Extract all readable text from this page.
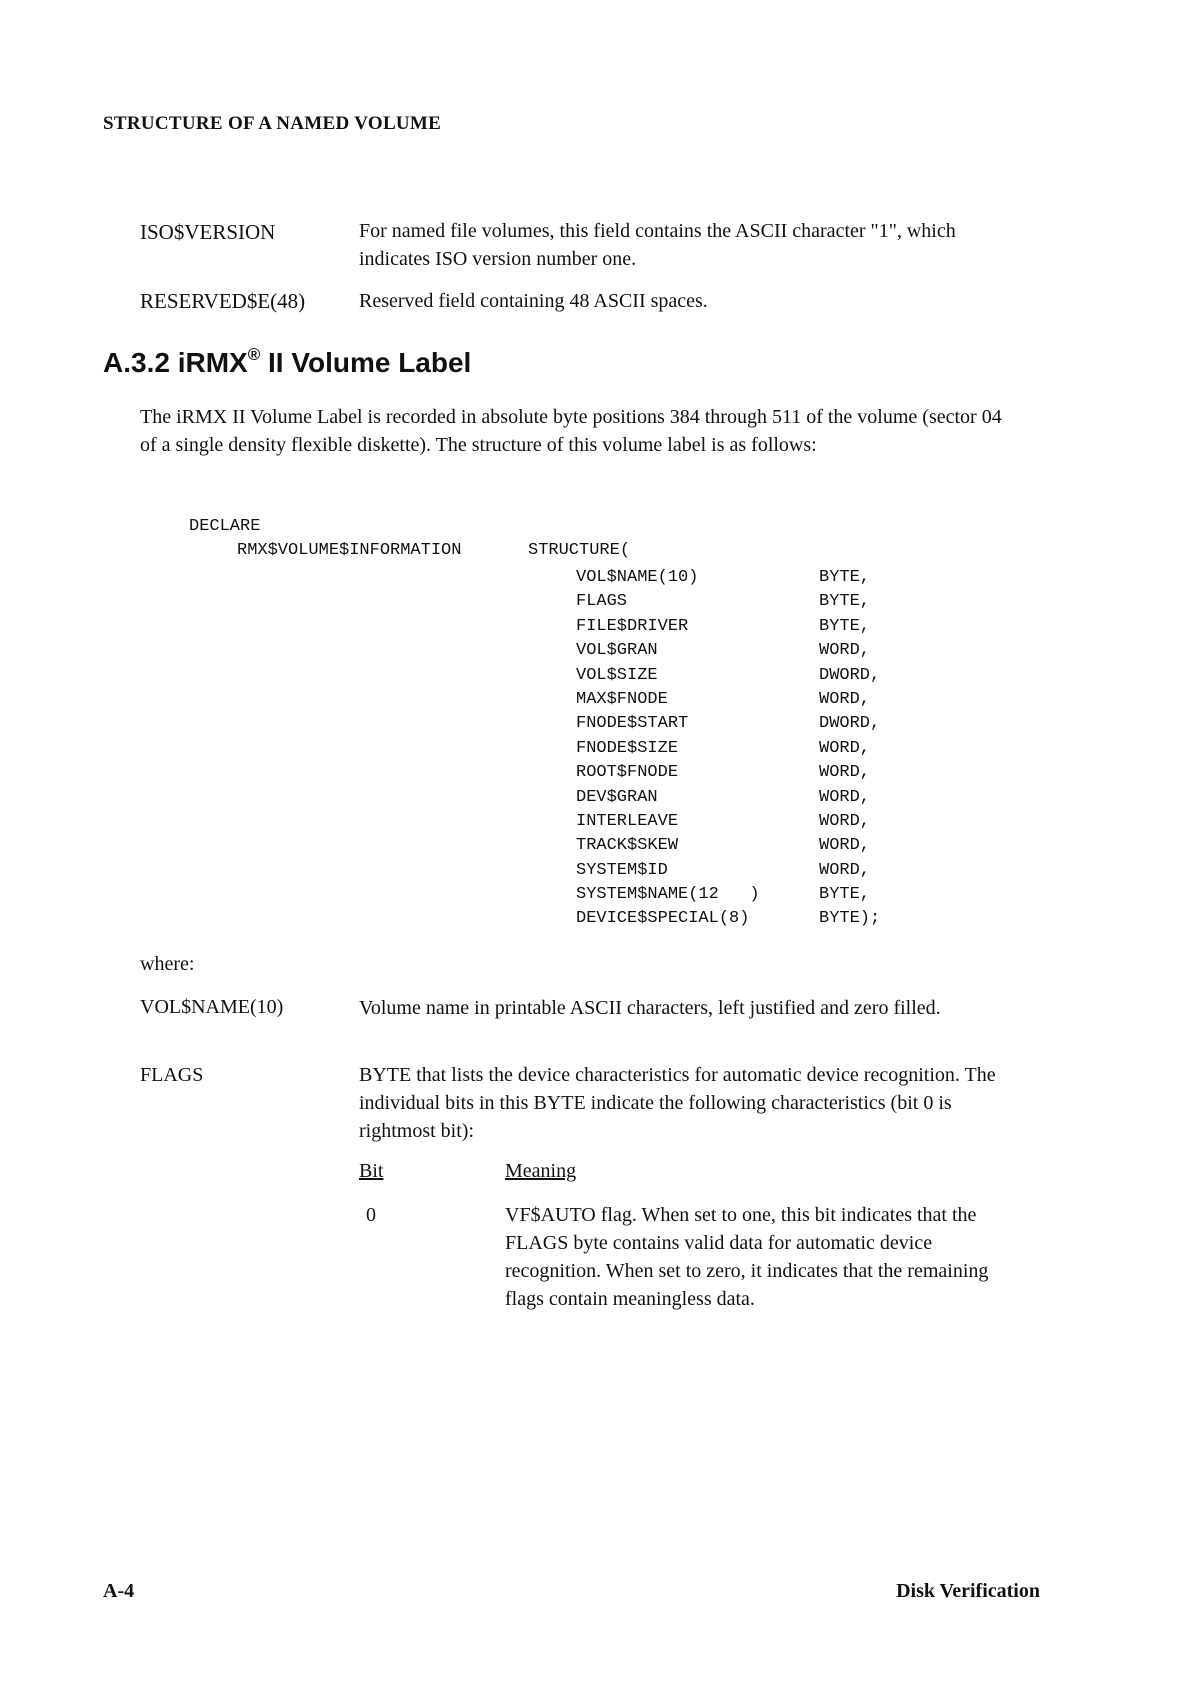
STRUCTURE OF A NAMED VOLUME
ISO$VERSION	For named file volumes, this field contains the ASCII character "1", which indicates ISO version number one.
RESERVED$E(48)	Reserved field containing 48 ASCII spaces.
A.3.2 iRMX® II Volume Label
The iRMX II Volume Label is recorded in absolute byte positions 384 through 511 of the volume (sector 04 of a single density flexible diskette). The structure of this volume label is as follows:
DECLARE
RMX$VOLUME$INFORMATION	STRUCTURE(
VOL$NAME(10)	BYTE,
FLAGS	BYTE,
FILE$DRIVER	BYTE,
VOL$GRAN	WORD,
VOL$SIZE	DWORD,
MAX$FNODE	WORD,
FNODE$START	DWORD,
FNODE$SIZE	WORD,
ROOT$FNODE	WORD,
DEV$GRAN	WORD,
INTERLEAVE	WORD,
TRACK$SKEW	WORD,
SYSTEM$ID	WORD,
SYSTEM$NAME(12   )	BYTE,
DEVICE$SPECIAL(8)	BYTE);
where:
VOL$NAME(10)	Volume name in printable ASCII characters, left justified and zero filled.
FLAGS	BYTE that lists the device characteristics for automatic device recognition. The individual bits in this BYTE indicate the following characteristics (bit 0 is rightmost bit):
Bit	Meaning
0	VF$AUTO flag. When set to one, this bit indicates that the FLAGS byte contains valid data for automatic device recognition. When set to zero, it indicates that the remaining flags contain meaningless data.
A-4	Disk Verification
